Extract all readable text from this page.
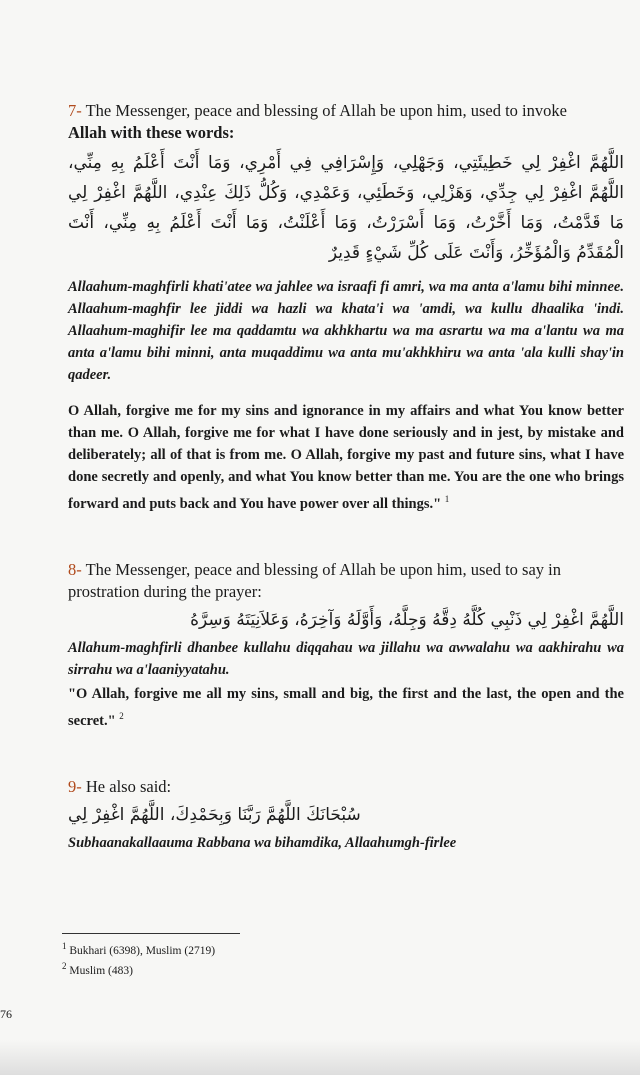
7- The Messenger, peace and blessing of Allah be upon him, used to invoke
Allah with these words:

اللَّهُمَّ اغْفِرْ لِي خَطِيئَتِي، وَجَهْلِي، وَإِسْرَافِي فِي أَمْرِي، وَمَا أَنْتَ أَعْلَمُ بِهِ مِنِّي، اللَّهُمَّ اغْفِرْ لِي جِدِّي، وَهَزْلِي، وَخَطَئِي، وَعَمْدِي، وَكُلُّ ذَلِكَ عِنْدِي، اللَّهُمَّ اغْفِرْ لِي مَا قَدَّمْتُ، وَمَا أَخَّرْتُ، وَمَا أَسْرَرْتُ، وَمَا أَعْلَنْتُ، وَمَا أَنْتَ أَعْلَمُ بِهِ مِنِّي، أَنْتَ الْمُقَدِّمُ وَالْمُؤَخِّرُ، وَأَنْتَ عَلَى كُلِّ شَيْءٍ قَدِيرٌ

Allaahum-maghfirli khati'atee wa jahlee wa israafi fi amri, wa ma anta a'lamu bihi minnee. Allaahum-maghfir lee jiddi wa hazli wa khata'i wa 'amdi, wa kullu dhaalika 'indi. Allaahum-maghifir lee ma qaddamtu wa akhkhartu wa ma asrartu wa ma a'lantu wa ma anta a'lamu bihi minni, anta muqaddimu wa anta mu'akhkhiru wa anta 'ala kulli shay'in qadeer.

O Allah, forgive me for my sins and ignorance in my affairs and what You know better than me. O Allah, forgive me for what I have done seriously and in jest, by mistake and deliberately; all of that is from me. O Allah, forgive my past and future sins, what I have done secretly and openly, and what You know better than me. You are the one who brings forward and puts back and You have power over all things." $^1$

8- The Messenger, peace and blessing of Allah be upon him, used to say in prostration during the prayer:

اللَّهُمَّ اغْفِرْ لِي ذَنْبِي كُلَّهُ دِقَّهُ وَجِلَّهُ، وَأَوَّلَهُ وَآخِرَهُ، وَعَلاَنِيَتَهُ وَسِرَّهُ

Allahum-maghfirli dhanbee kullahu diqqahau wa jillahu wa awwalahu wa aakhirahu wa sirrahu wa a'laaniyyatahu.

"O Allah, forgive me all my sins, small and big, the first and the last, the open and the secret." $^2$

9- He also said:

سُبْحَانَكَ اللَّهُمَّ رَبَّنَا وَبِحَمْدِكَ، اللَّهُمَّ اغْفِرْ لِي

Subhaanakallaauma Rabbana wa bihamdika, Allaahumgh-firlee

$^1$ Bukhari (6398), Muslim (2719)
$^2$ Muslim (483)
76
